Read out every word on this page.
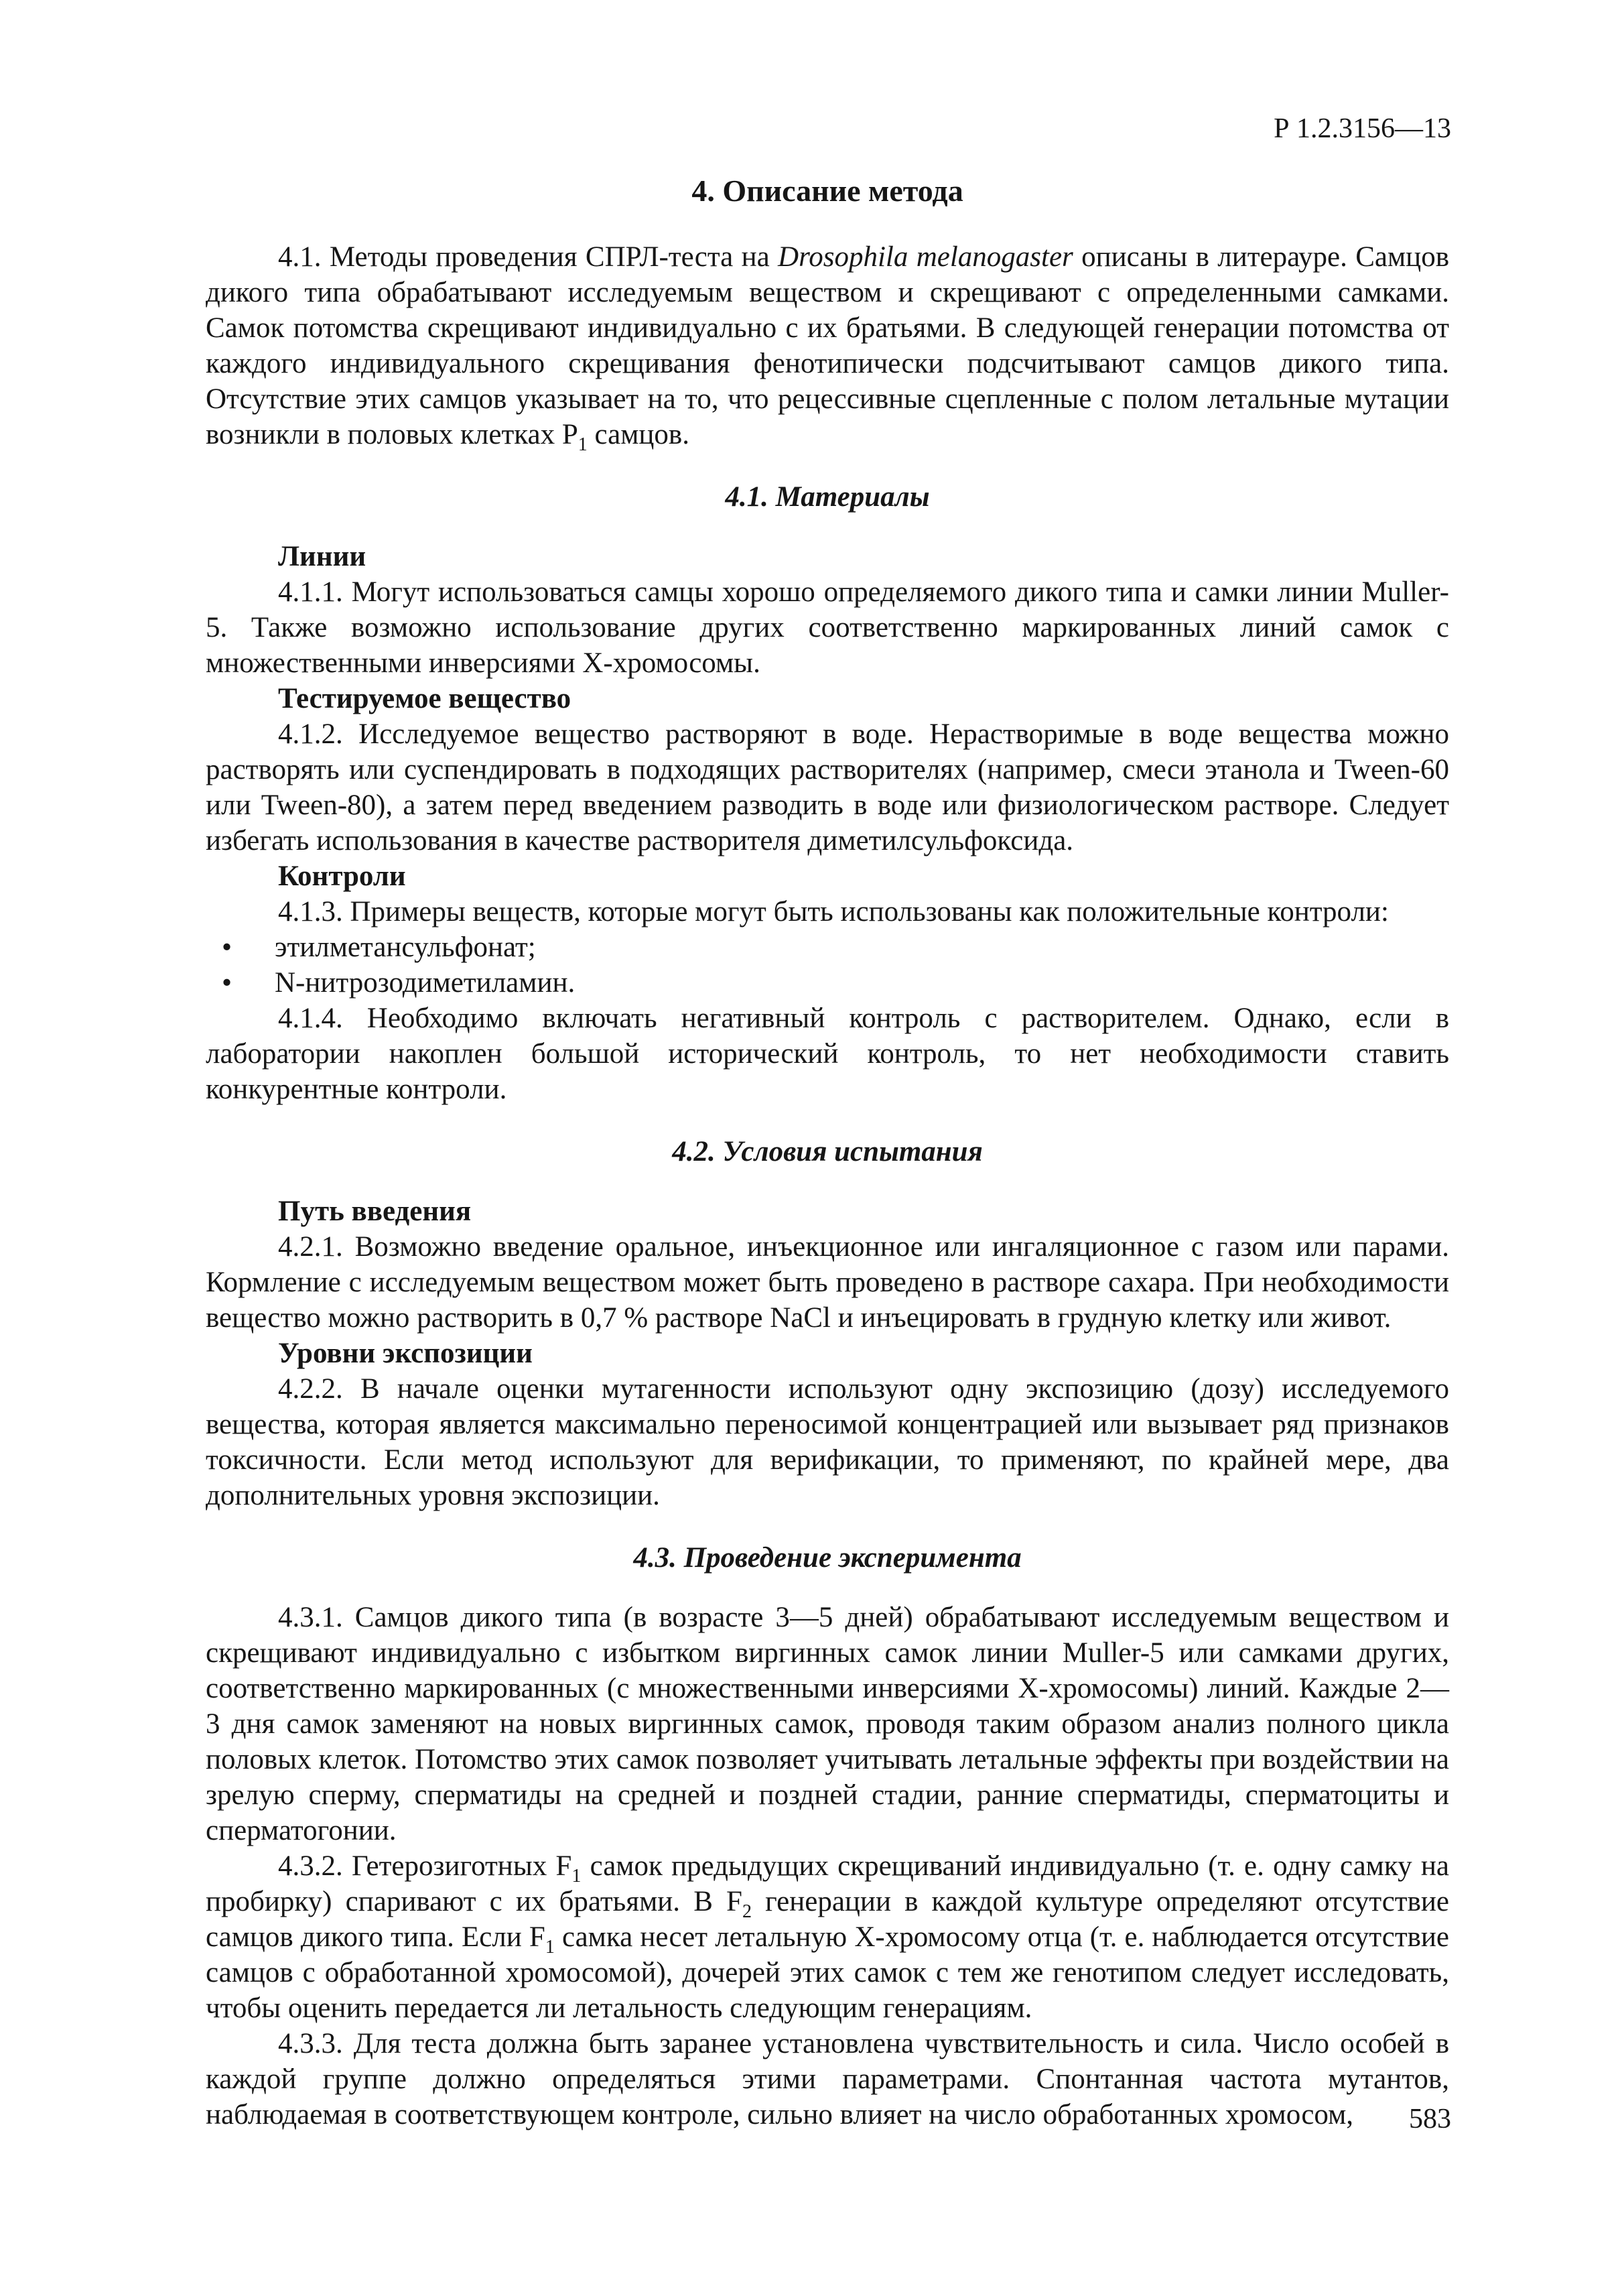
Р 1.2.3156—13
4. Описание метода

4.1. Методы проведения СПРЛ-теста на Drosophila melanogaster описаны в литерауре. Самцов дикого типа обрабатывают исследуемым веществом и скрещивают с определенными самками. Самок потомства скрещивают индивидуально с их братьями. В следующей генерации потомства от каждого индивидуального скрещивания фенотипически подсчитывают самцов дикого типа. Отсутствие этих самцов указывает на то, что рецессивные сцепленные с полом летальные мутации возникли в половых клетках $P_1$ самцов.

4.1. Материалы
Линии

4.1.1. Могут использоваться самцы хорошо определяемого дикого типа и самки линии Muller-5. Также возможно использование других соответственно маркированных линий самок с множественными инверсиями X-хромосомы.

Тестируемое вещество

4.1.2. Исследуемое вещество растворяют в воде. Нерастворимые в воде вещества можно растворять или суспендировать в подходящих растворителях (например, смеси этанола и Tween-60 или Tween-80), а затем перед введением разводить в воде или физиологическом растворе. Следует избегать использования в качестве растворителя диметилсульфоксида.

Контроли

4.1.3. Примеры веществ, которые могут быть использованы как положительные контроли:

• этилметансульфонат;
• N-нитрозодиметиламин.

4.1.4. Необходимо включать негативный контроль с растворителем. Однако, если в лаборатории накоплен большой исторический контроль, то нет необходимости ставить конкурентные контроли.

4.2. Условия испытания
Путь введения

4.2.1. Возможно введение оральное, инъекционное или ингаляционное с газом или парами. Кормление с исследуемым веществом может быть проведено в растворе сахара. При необходимости вещество можно растворить в 0,7 % растворе NaCl и инъецировать в грудную клетку или живот.

Уровни экспозиции

4.2.2. В начале оценки мутагенности используют одну экспозицию (дозу) исследуемого вещества, которая является максимально переносимой концентрацией или вызывает ряд признаков токсичности. Если метод используют для верификации, то применяют, по крайней мере, два дополнительных уровня экспозиции.

4.3. Проведение эксперимента

4.3.1. Самцов дикого типа (в возрасте 3—5 дней) обрабатывают исследуемым веществом и скрещивают индивидуально с избытком виргинных самок линии Muller-5 или самками других, соответственно маркированных (с множественными инверсиями X-хромосомы) линий. Каждые 2—3 дня самок заменяют на новых виргинных самок, проводя таким образом анализ полного цикла половых клеток. Потомство этих самок позволяет учитывать летальные эффекты при воздействии на зрелую сперму, сперматиды на средней и поздней стадии, ранние сперматиды, сперматоциты и сперматогонии.

4.3.2. Гетерозиготных $F_1$ самок предыдущих скрещиваний индивидуально (т. е. одну самку на пробирку) спаривают с их братьями. В $F_2$ генерации в каждой культуре определяют отсутствие самцов дикого типа. Если $F_1$ самка несет летальную X-хромосому отца (т. е. наблюдается отсутствие самцов с обработанной хромосомой), дочерей этих самок с тем же генотипом следует исследовать, чтобы оценить передается ли летальность следующим генерациям.

4.3.3. Для теста должна быть заранее установлена чувствительность и сила. Число особей в каждой группе должно определяться этими параметрами. Спонтанная частота мутантов, наблюдаемая в соответствующем контроле, сильно влияет на число обработанных хромосом,	583
